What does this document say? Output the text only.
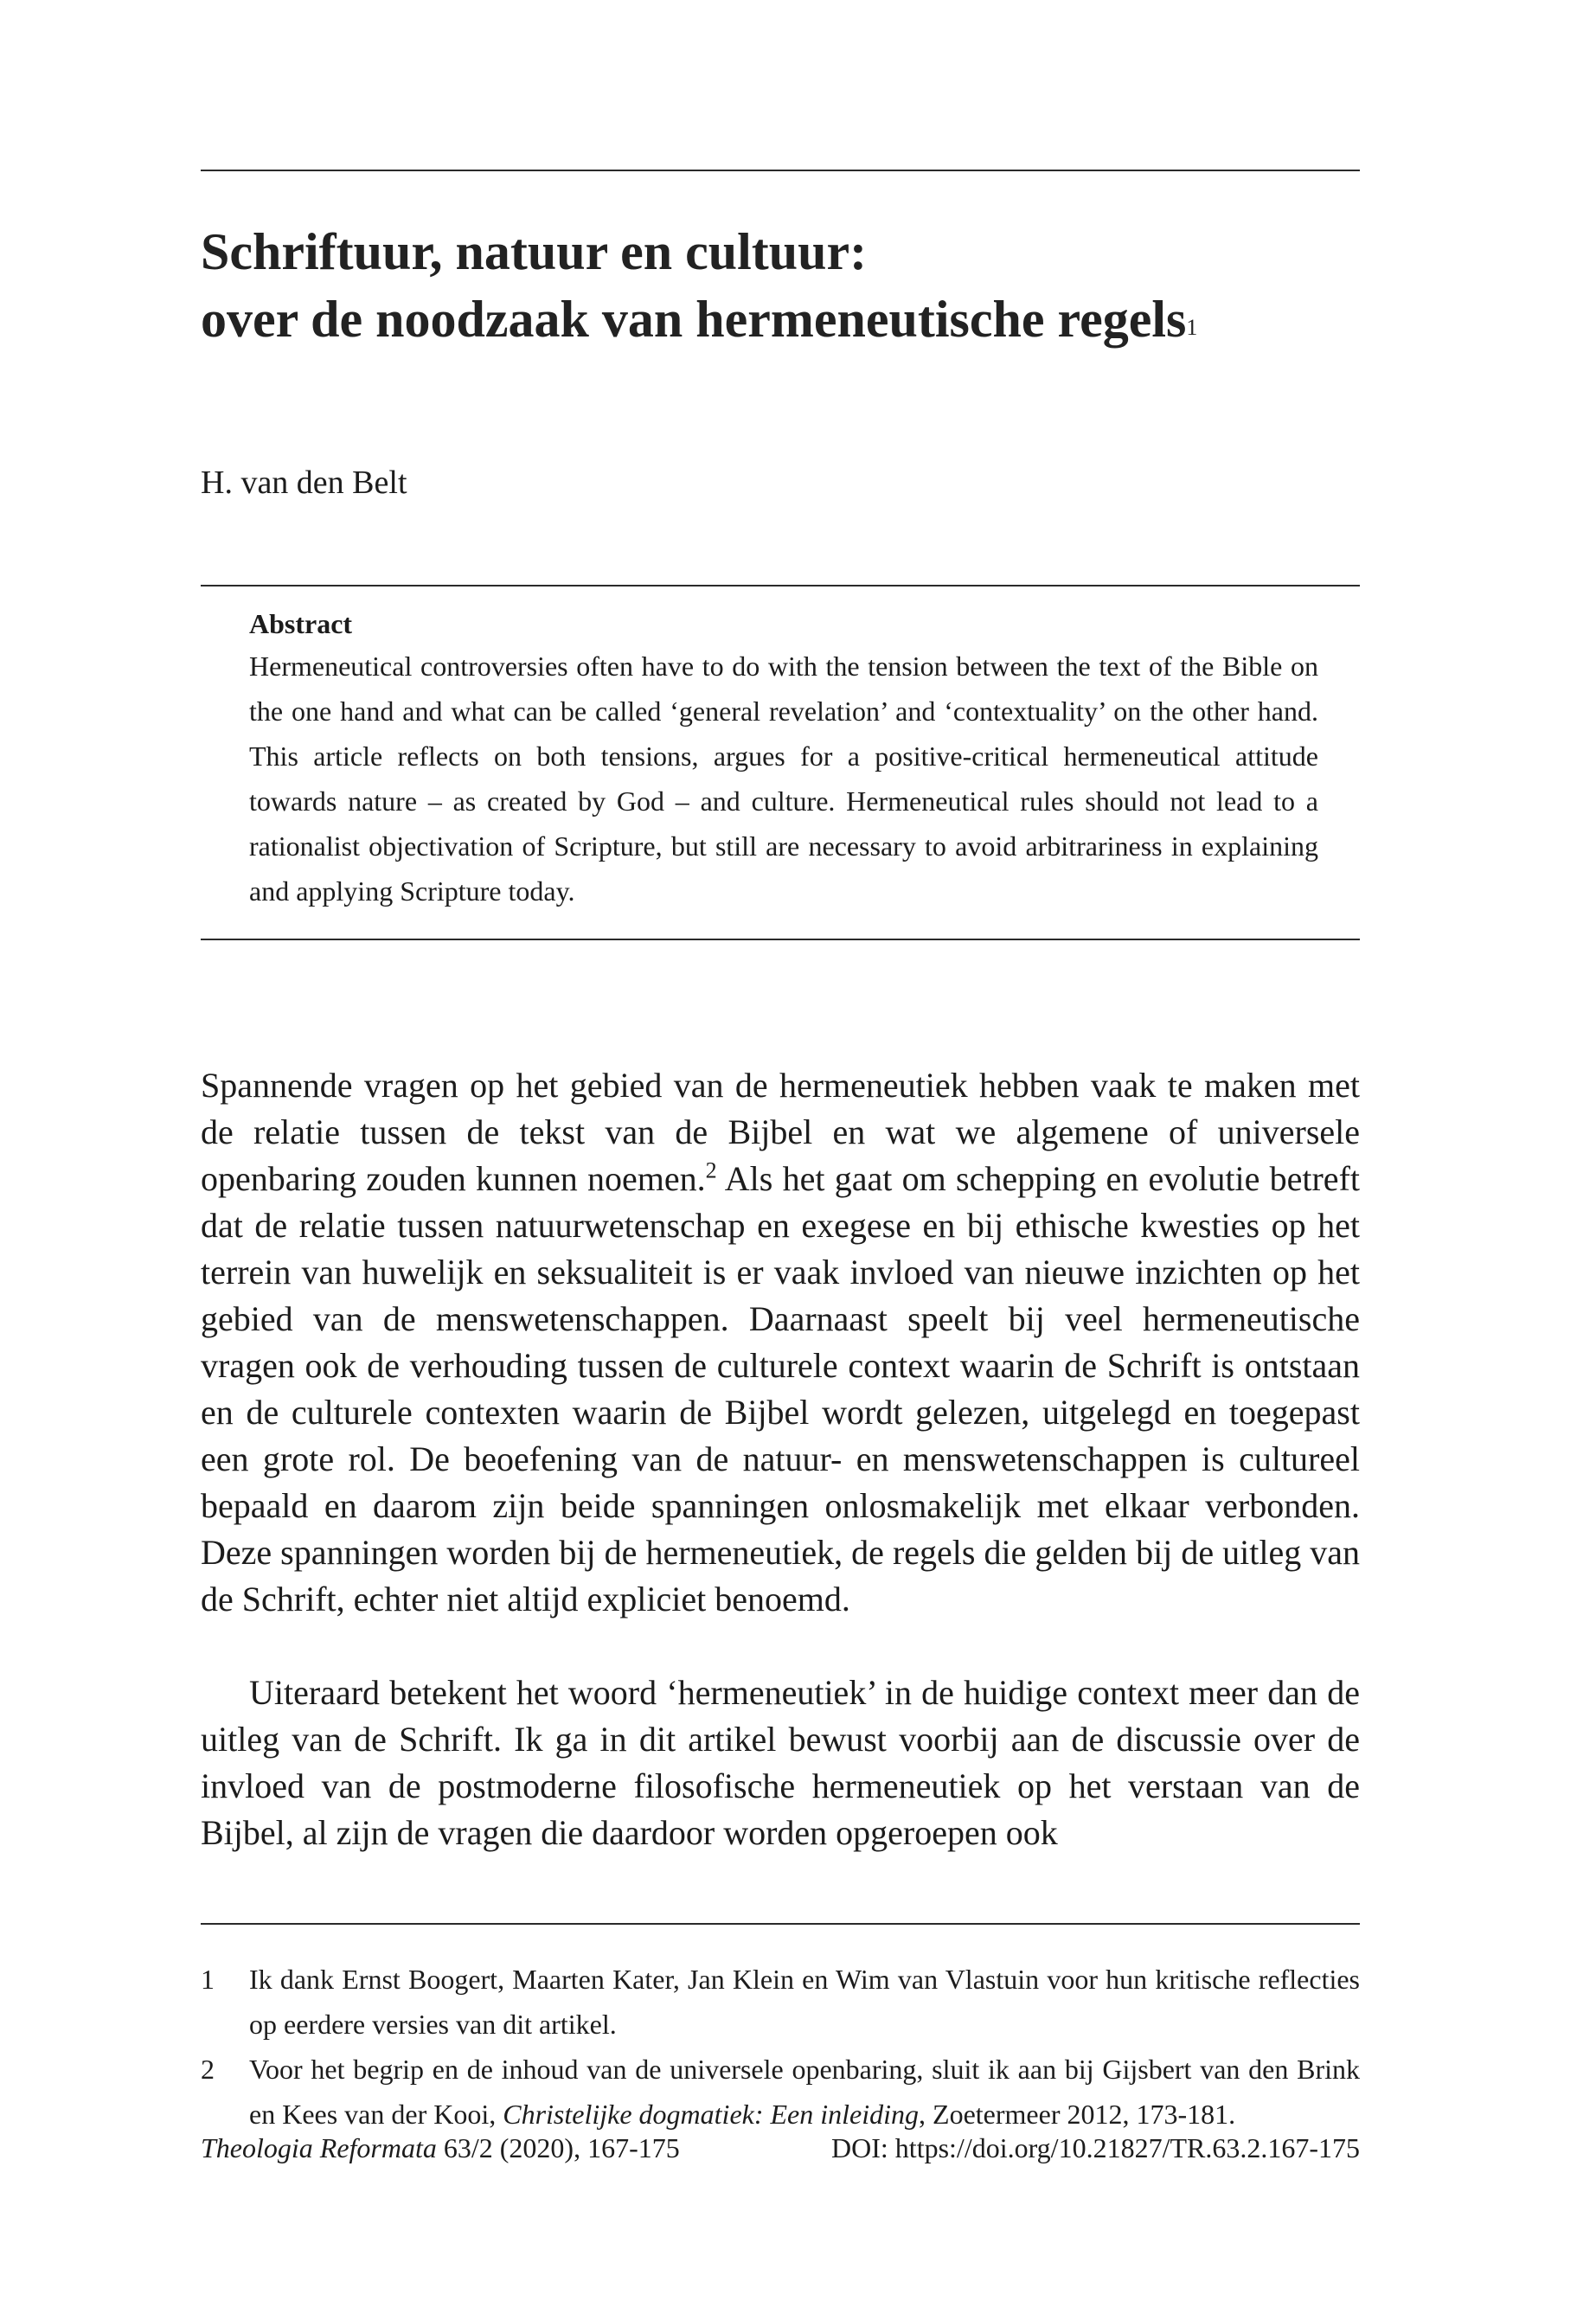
Schriftuur, natuur en cultuur:
over de noodzaak van hermeneutische regels$^1$
H. van den Belt

Abstract

Hermeneutical controversies often have to do with the tension between the text of the Bible on the one hand and what can be called ‘general revelation’ and ‘contextuality’ on the other hand. This article reflects on both tensions, argues for a positive-critical hermeneutical attitude towards nature – as created by God – and culture. Hermeneutical rules should not lead to a rationalist objectivation of Scripture, but still are necessary to avoid arbitrariness in explaining and applying Scripture today.

Spannende vragen op het gebied van de hermeneutiek hebben vaak te maken met de relatie tussen de tekst van de Bijbel en wat we algemene of universele openbaring zouden kunnen noemen.$^2$ Als het gaat om schepping en evolutie betreft dat de relatie tussen natuurwetenschap en exegese en bij ethische kwesties op het terrein van huwelijk en seksualiteit is er vaak invloed van nieuwe inzichten op het gebied van de menswetenschappen. Daarnaast speelt bij veel hermeneutische vragen ook de verhouding tussen de culturele context waarin de Schrift is ontstaan en de culturele contexten waarin de Bijbel wordt gelezen, uitgelegd en toegepast een grote rol. De beoefening van de natuur- en menswetenschappen is cultureel bepaald en daarom zijn beide spanningen onlosmakelijk met elkaar verbonden. Deze spanningen worden bij de hermeneutiek, de regels die gelden bij de uitleg van de Schrift, echter niet altijd expliciet benoemd.

Uiteraard betekent het woord ‘hermeneutiek’ in de huidige context meer dan de uitleg van de Schrift. Ik ga in dit artikel bewust voorbij aan de discussie over de invloed van de postmoderne filosofische hermeneutiek op het verstaan van de Bijbel, al zijn de vragen die daardoor worden opgeroepen ook

1	Ik dank Ernst Boogert, Maarten Kater, Jan Klein en Wim van Vlastuin voor hun kritische reflecties op eerdere versies van dit artikel.
2	Voor het begrip en de inhoud van de universele openbaring, sluit ik aan bij Gijsbert van den Brink en Kees van der Kooi, Christelijke dogmatiek: Een inleiding, Zoetermeer 2012, 173-181.
Theologia Reformata 63/2 (2020), 167-175	DOI: https://doi.org/10.21827/TR.63.2.167-175
